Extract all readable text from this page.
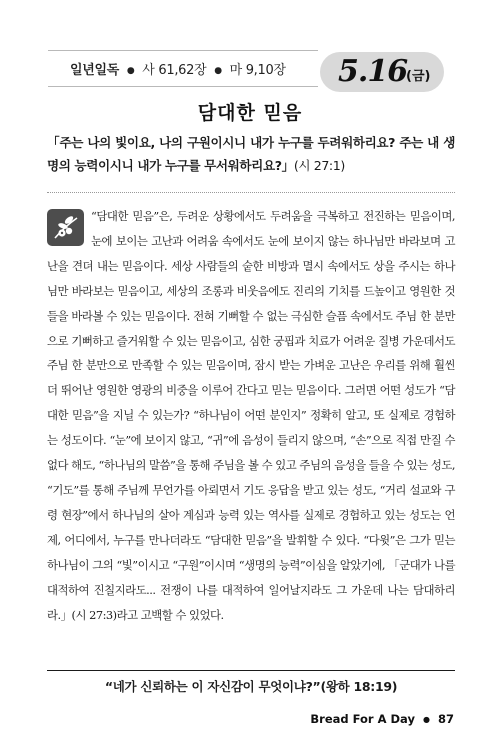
일년일독 ● 사 61,62장 ● 마 9,10장 5.16
(금)
담대한 믿음
「주는 나의 빛이요, 나의 구원이시니 내가 누구를 두려워하리요? 주는 내 생명의 능력이시니 내가 누구를 무서워하리요?」(시 27:1)
“담대한 믿음”은, 두려운 상황에서도 두려움을 극복하고 전진하는 믿음이며, 눈에 보이는 고난과 어려움 속에서도 눈에 보이지 않는 하나님만 바라보며 고난을 견뎌 내는 믿음이다. 세상 사람들의 숱한 비방과 멸시 속에서도 상을 주시는 하나님만 바라보는 믿음이고, 세상의 조롱과 비웃음에도 진리의 기치를 드높이고 영원한 것들을 바라볼 수 있는 믿음이다. 전혀 기뻐할 수 없는 극심한 슬픔 속에서도 주님 한 분만으로 기뻐하고 즐거워할 수 있는 믿음이고, 심한 궁핍과 치료가 어려운 질병 가운데서도 주님 한 분만으로 만족할 수 있는 믿음이며, 잠시 받는 가벼운 고난은 우리를 위해 훨씬 더 뛰어난 영원한 영광의 비중을 이루어 간다고 믿는 믿음이다. 그러면 어떤 성도가 “담대한 믿음”을 지닐 수 있는가? “하나님이 어떤 분인지” 정확히 알고, 또 실제로 경험하는 성도이다. “눈”에 보이지 않고, “귀”에 음성이 들리지 않으며, “손”으로 직접 만질 수 없다 해도, “하나님의 말씀”을 통해 주님을 볼 수 있고 주님의 음성을 들을 수 있는 성도, “기도”를 통해 주님께 무언가를 아뢰면서 기도 응답을 받고 있는 성도, “거리 설교와 구령 현장”에서 하나님의 살아 계심과 능력 있는 역사를 실제로 경험하고 있는 성도는 언제, 어디에서, 누구를 만나더라도 “담대한 믿음”을 발휘할 수 있다. “다윗”은 그가 믿는 하나님이 그의 “빛”이시고 “구원”이시며 “생명의 능력”이심을 알았기에, 「군대가 나를 대적하여 진칠지라도... 전쟁이 나를 대적하여 일어날지라도 그 가운데 나는 담대하리라.」(시 27:3)라고 고백할 수 있었다.
“네가 신뢰하는 이 자신감이 무엇이냐?”(왕하 18:19)
Bread For A Day ● 87
